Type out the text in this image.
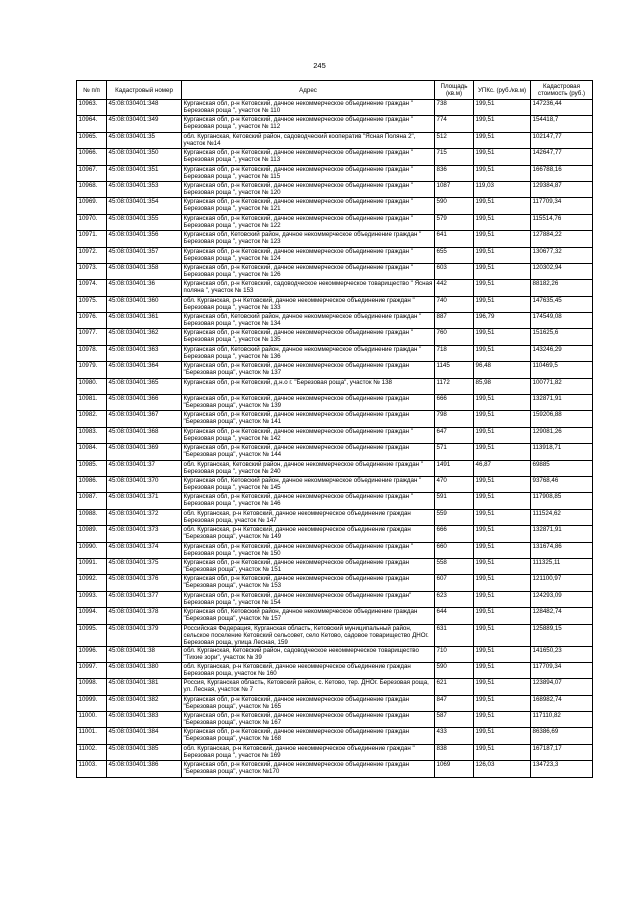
245
№ п/п	Кадастровый номер	Адрес	Площадь (кв.м)	УПКс. (руб./кв.м)	Кадастровая стоимость (руб.)
10963.	45:08:030401:348	Курганская обл, р-н Кетовский, дачное некоммерческое объединение граждан " Березовая роща ", участок № 110	738	199,51	147236,44
10964.	45:08:030401:349	Курганская обл, р-н Кетовский, дачное некоммерческое объединение граждан " Березовая роща ", участок № 112	774	199,51	154418,7
10965.	45:08:030401:35	обл. Курганская, Кетовский район, садоводческий кооператив "Ясная Поляна 2", участок №14	512	199,51	102147,77
10966.	45:08:030401:350	Курганская обл, р-н Кетовский, дачное некоммерческое объединение граждан " Березовая роща ", участок № 113	715	199,51	142647,77
10967.	45:08:030401:351	Курганская обл, р-н Кетовский, дачное некоммерческое объединение граждан " Березовая роща ", участок № 115	836	199,51	166788,16
10968.	45:08:030401:353	Курганская обл, р-н Кетовский, дачное некоммерческое объединение граждан " Березовая роща ", участок № 120	1087	119,03	129384,87
10969.	45:08:030401:354	Курганская обл, р-н Кетовский, дачное некоммерческое объединение граждан " Березовая роща ", участок № 121	590	199,51	117709,34
10970.	45:08:030401:355	Курганская обл, р-н Кетовский, дачное некоммерческое объединение граждан " Березовая роща ", участок № 122	579	199,51	115514,76
10971.	45:08:030401:356	Курганская обл, Кетовский район, дачное некоммерческое объединение граждан " Березовая роща ", участок № 123	641	199,51	127884,22
10972.	45:08:030401:357	Курганская обл, р-н Кетовский, дачное некоммерческое объединение граждан " Березовая роща ", участок № 124	655	199,51	130677,32
10973.	45:08:030401:358	Курганская обл, р-н Кетовский, дачное некоммерческое объединение граждан " Березовая роща ", участок № 126	603	199,51	120302,94
10974.	45:08:030401:36	Курганская обл, р-н Кетовский, садоводческое некоммерческое товарищество " Ясная поляна ", участок № 153	442	199,51	88182,26
10975.	45:08:030401:360	обл. Курганская, р-н Кетовский, дачное некоммерческое объединение граждан " Березовая роща ", участок № 133	740	199,51	147635,45
10976.	45:08:030401:361	Курганская обл, Кетовский район, дачное некоммерческое объединение граждан " Березовая роща ", участок № 134	887	196,79	174549,08
10977.	45:08:030401:362	Курганская обл, р-н Кетовский, дачное некоммерческое объединение граждан " Березовая роща ", участок № 135	760	199,51	151625,6
10978.	45:08:030401:363	Курганская обл, Кетовский район, дачное некоммерческое объединение граждан " Березовая роща ", участок № 136	718	199,51	143246,29
10979.	45:08:030401:364	Курганская обл, р-н Кетовский, дачное некоммерческое объединение граждан "Березовая роща", участок № 137	1145	96,48	110469,5
10980.	45:08:030401:365	Курганская обл, р-н Кетовский, д.н.о г. "Березовая роща", участок № 138	1172	85,98	100771,82
10981.	45:08:030401:366	Курганская обл, р-н Кетовский, дачное некоммерческое объединение граждан "Березовая роща", участок № 139	666	199,51	132871,91
10982.	45:08:030401:367	Курганская обл, р-н Кетовский, дачное некоммерческое объединение граждан "Березовая роща", участок № 141	798	199,51	159206,88
10983.	45:08:030401:368	Курганская обл, р-н Кетовский, дачное некоммерческое объединение граждан " Березовая роща ", участок № 142	647	199,51	129081,26
10984.	45:08:030401:369	Курганская обл, р-н Кетовский, дачное некоммерческое объединение граждан "Березовая роща", участок № 144	571	199,51	113918,71
10985.	45:08:030401:37	обл. Курганская, Кетовский район, дачное некоммерческое объединение граждан " Березовая роща ", участок № 240	1491	46,87	69885
10986.	45:08:030401:370	Курганская обл, Кетовский район, дачное некоммерческое объединение граждан " Березовая роща ", участок № 145	470	199,51	93768,46
10987.	45:08:030401:371	Курганская обл, р-н Кетовский, дачное некоммерческое объединение граждан " Березовая роща ", участок № 146	591	199,51	117908,85
10988.	45:08:030401:372	обл. Курганская, р-н Кетовский, дачное некоммерческое объединение граждан Березовая роща, участок № 147	559	199,51	111524,62
10989.	45:08:030401:373	обл. Курганская, р-н Кетовский, дачное некоммерческое объединение граждан "Березовая роща", участок № 149	666	199,51	132871,91
10990.	45:08:030401:374	Курганская обл, р-н Кетовский, дачное некоммерческое объединение граждан " Березовая роща ", участок № 150	660	199,51	131674,86
10991.	45:08:030401:375	Курганская обл, р-н Кетовский, дачное некоммерческое объединение граждан "Березовая роща", участок № 151	558	199,51	111325,11
10992.	45:08:030401:376	Курганская обл, р-н Кетовский, дачное некоммерческое объединение граждан "Березовая роща", участок № 153	607	199,51	121100,97
10993.	45:08:030401:377	Курганская обл, р-н Кетовский, дачное некоммерческое объединение граждан" Березовая роща ", участок № 154	623	199,51	124293,09
10994.	45:08:030401:378	Курганская обл, Кетовский район, дачное некоммерческое объединение граждан "Березовая роща", участок № 157	644	199,51	128482,74
10995.	45:08:030401:379	Российская Федерация, Курганская область, Кетовский муниципальный район, сельское поселение Кетовский сельсовет, село Кетово, садовое товарищество ДНОг. Березовая роща, улица Лесная, 159	631	199,51	125889,15
10996.	45:08:030401:38	обл. Курганская, Кетовский район, садоводческое некоммерческое товарищество "Тихие зори", участок № 39	710	199,51	141650,23
10997.	45:08:030401:380	обл. Курганская, р-н Кетовский, дачное некоммерческое объединение граждан Березовая роща, участок № 160	590	199,51	117709,34
10998.	45:08:030401:381	Россия, Курганская область, Кетовский район, с. Кетово, тер. ДНОг. Березовая роща, ул. Лесная, участок № 7	621	199,51	123894,07
10999.	45:08:030401:382	Курганская обл, р-н Кетовский, дачное некоммерческое объединение граждан "Березовая роща", участок № 165	847	199,51	168982,74
11000.	45:08:030401:383	Курганская обл, р-н Кетовский, дачное некоммерческое объединение граждан "Березовая роща", участок № 167	587	199,51	117110,82
11001.	45:08:030401:384	Курганская обл, р-н Кетовский, дачное некоммерческое объединение граждан "Березовая роща", участок № 168	433	199,51	86386,69
11002.	45:08:030401:385	обл. Курганская, р-н Кетовский, дачное некоммерческое объединение граждан " Березовая роща ", участок № 169	838	199,51	167187,17
11003.	45:08:030401:386	Курганская обл, р-н Кетовский, дачное некоммерческое объединение граждан "Березовая роща", участок №170	1069	126,03	134723,3
